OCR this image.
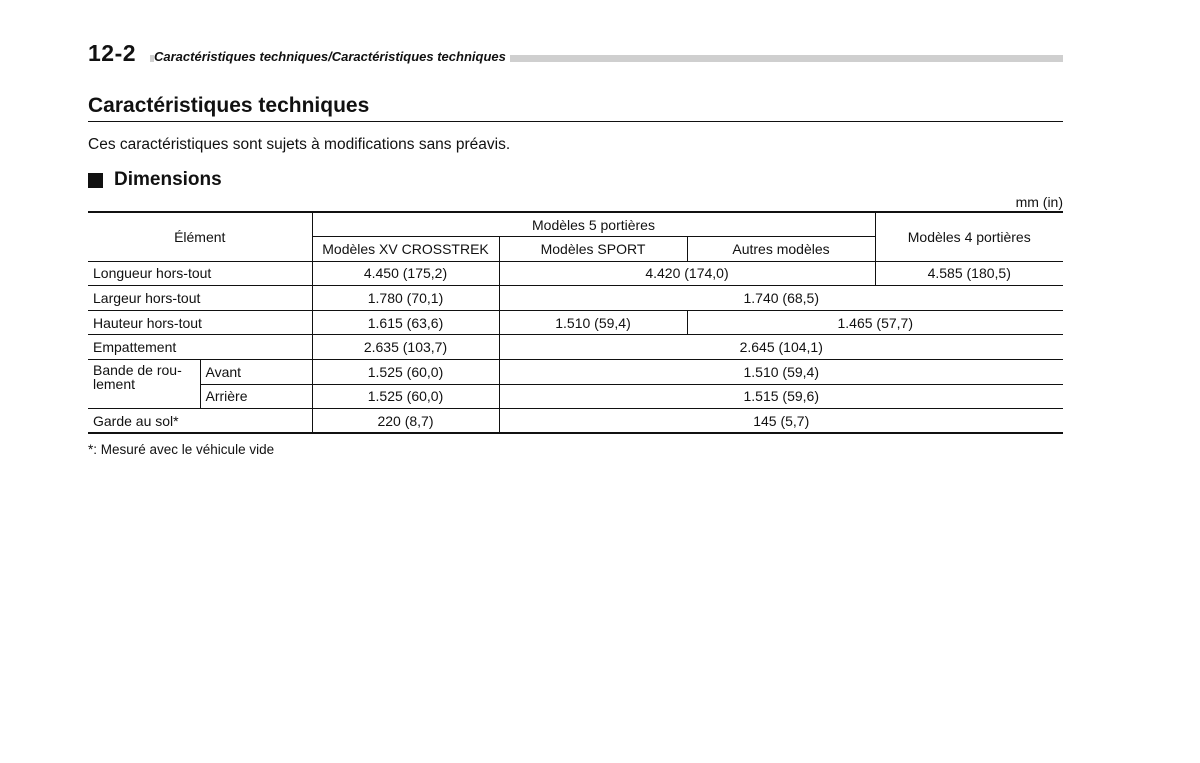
12-2 Caractéristiques techniques/Caractéristiques techniques
Caractéristiques techniques
Ces caractéristiques sont sujets à modifications sans préavis.
Dimensions
mm (in)
Élément		Modèles 5 portières			Modèles 4 portières
		Modèles XV CROSSTREK	Modèles SPORT	Autres modèles	
Longueur hors-tout		4.450 (175,2)	4.420 (174,0)		4.585 (180,5)
Largeur hors-tout		1.780 (70,1)	1.740 (68,5)		
Hauteur hors-tout		1.615 (63,6)	1.510 (59,4)	1.465 (57,7)	
Empattement		2.635 (103,7)	2.645 (104,1)		

Bande de rou-
lement	Avant	1.525 (60,0)	1.510 (59,4)		
	Arrière	1.525 (60,0)	1.515 (59,6)		
Garde au sol*		220 (8,7)	145 (5,7)		
*: Mesuré avec le véhicule vide
